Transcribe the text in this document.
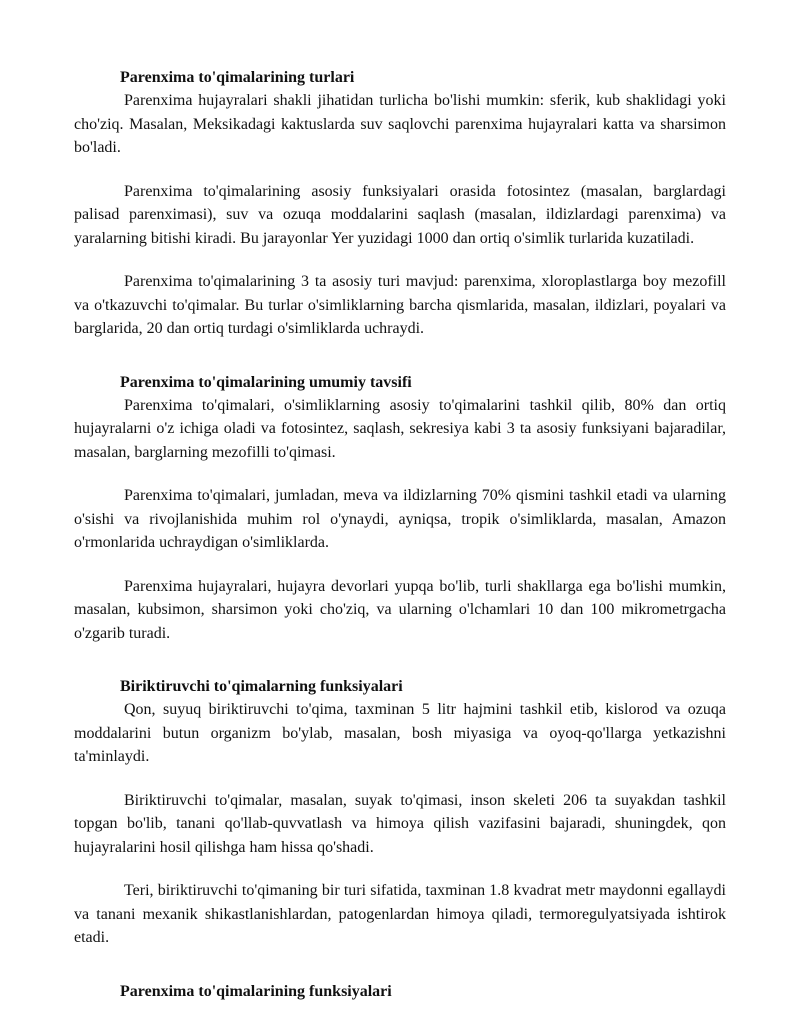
Parenxima to'qimalarining turlari

Parenxima hujayralari shakli jihatidan turlicha bo'lishi mumkin: sferik, kub shaklidagi yoki cho'ziq. Masalan, Meksikadagi kaktuslarda suv saqlovchi parenxima hujayralari katta va sharsimon bo'ladi.

Parenxima to'qimalarining asosiy funksiyalari orasida fotosintez (masalan, barglardagi palisad parenximasi), suv va ozuqa moddalarini saqlash (masalan, ildizlardagi parenxima) va yaralarning bitishi kiradi. Bu jarayonlar Yer yuzidagi 1000 dan ortiq o'simlik turlarida kuzatiladi.

Parenxima to'qimalarining 3 ta asosiy turi mavjud: parenxima, xloroplastlarga boy mezofill va o'tkazuvchi to'qimalar. Bu turlar o'simliklarning barcha qismlarida, masalan, ildizlari, poyalari va barglarida, 20 dan ortiq turdagi o'simliklarda uchraydi.

Parenxima to'qimalarining umumiy tavsifi

Parenxima to'qimalari, o'simliklarning asosiy to'qimalarini tashkil qilib, 80% dan ortiq hujayralarni o'z ichiga oladi va fotosintez, saqlash, sekresiya kabi 3 ta asosiy funksiyani bajaradilar, masalan, barglarning mezofilli to'qimasi.

Parenxima to'qimalari, jumladan, meva va ildizlarning 70% qismini tashkil etadi va ularning o'sishi va rivojlanishida muhim rol o'ynaydi, ayniqsa, tropik o'simliklarda, masalan, Amazon o'rmonlarida uchraydigan o'simliklarda.

Parenxima hujayralari, hujayra devorlari yupqa bo'lib, turli shakllarga ega bo'lishi mumkin, masalan, kubsimon, sharsimon yoki cho'ziq, va ularning o'lchamlari 10 dan 100 mikrometrgacha o'zgarib turadi.

Biriktiruvchi to'qimalarning funksiyalari

Qon, suyuq biriktiruvchi to'qima, taxminan 5 litr hajmini tashkil etib, kislorod va ozuqa moddalarini butun organizm bo'ylab, masalan, bosh miyasiga va oyoq-qo'llarga yetkazishni ta'minlaydi.

Biriktiruvchi to'qimalar, masalan, suyak to'qimasi, inson skeleti 206 ta suyakdan tashkil topgan bo'lib, tanani qo'llab-quvvatlash va himoya qilish vazifasini bajaradi, shuningdek, qon hujayralarini hosil qilishga ham hissa qo'shadi.

Teri, biriktiruvchi to'qimaning bir turi sifatida, taxminan 1.8 kvadrat metr maydonni egallaydi va tanani mexanik shikastlanishlardan, patogenlardan himoya qiladi, termoregulyatsiyada ishtirok etadi.

Parenxima to'qimalarining funksiyalari
